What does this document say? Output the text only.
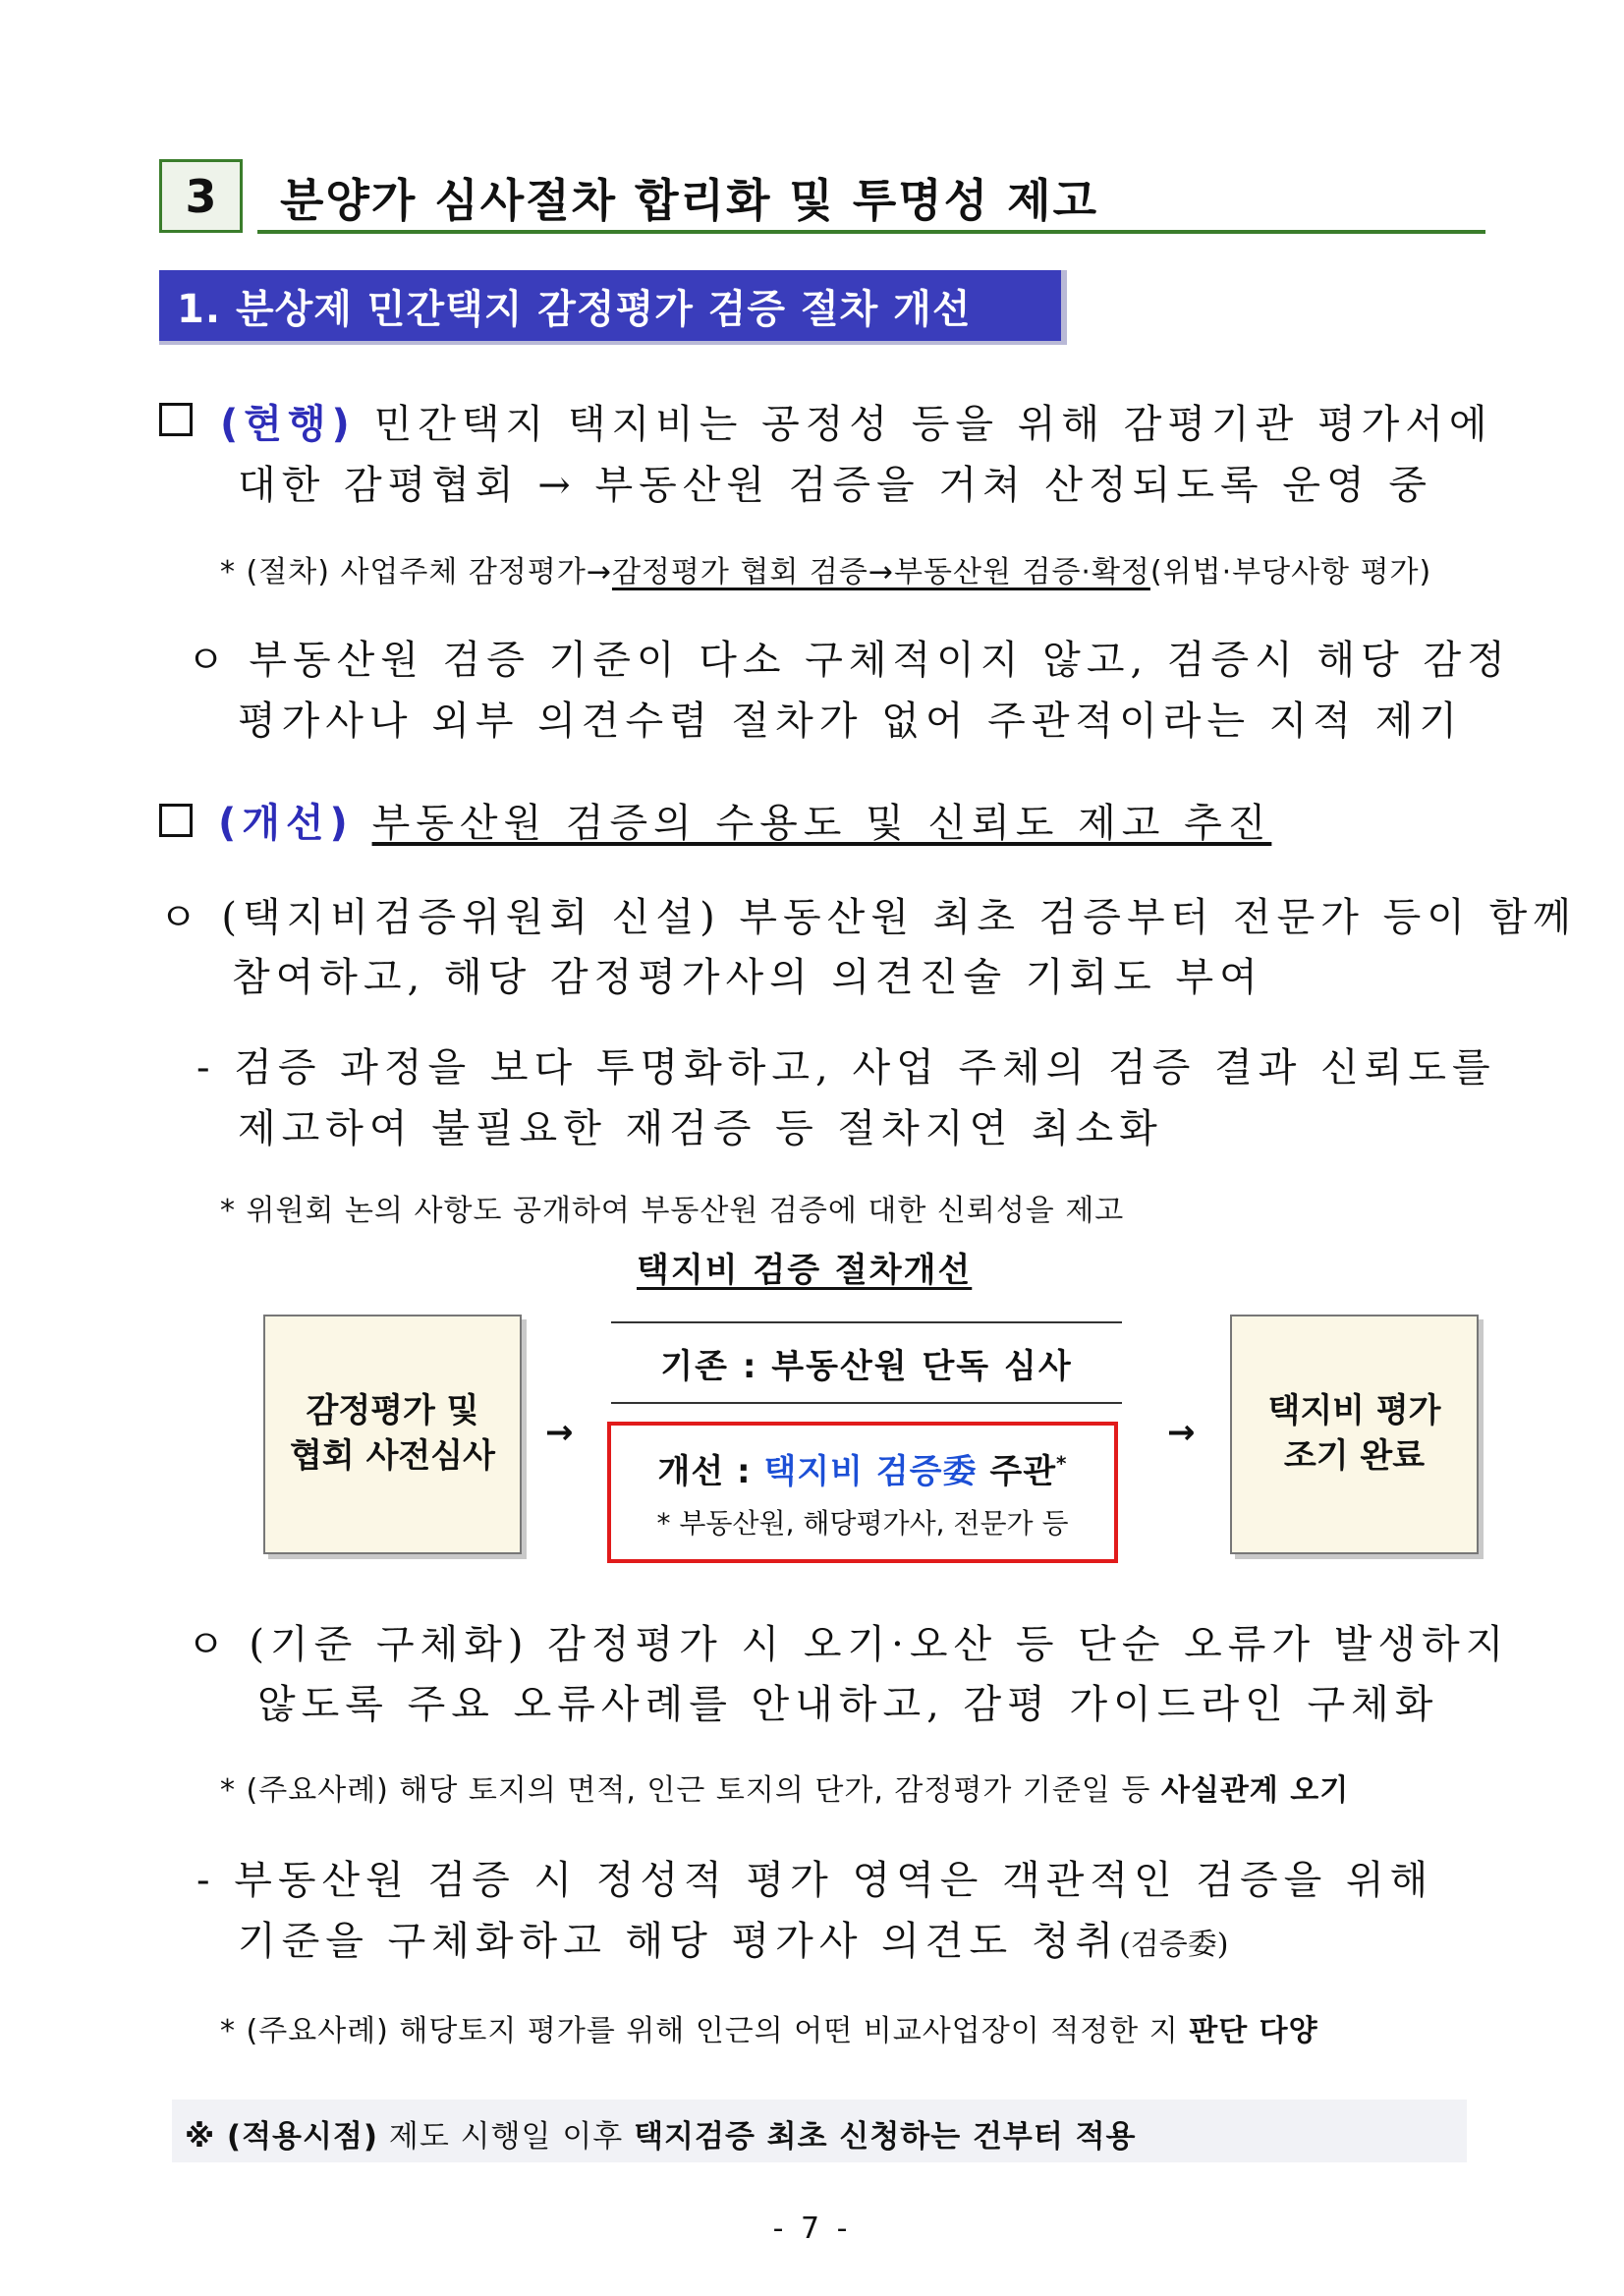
3 분양가 심사절차 합리화 및 투명성 제고
1. 분상제 민간택지 감정평가 검증 절차 개선
(현행) 민간택지 택지비는 공정성 등을 위해 감평기관 평가서에
대한 감평협회 → 부동산원 검증을 거쳐 산정되도록 운영 중
* (절차) 사업주체 감정평가→감정평가 협회 검증→부동산원 검증·확정(위법·부당사항 평가)
ㅇ 부동산원 검증 기준이 다소 구체적이지 않고, 검증시 해당 감정
평가사나 외부 의견수렴 절차가 없어 주관적이라는 지적 제기
(개선) 부동산원 검증의 수용도 및 신뢰도 제고 추진
ㅇ (택지비검증위원회 신설) 부동산원 최초 검증부터 전문가 등이 함께
참여하고, 해당 감정평가사의 의견진술 기회도 부여
- 검증 과정을 보다 투명화하고, 사업 주체의 검증 결과 신뢰도를
제고하여 불필요한 재검증 등 절차지연 최소화
* 위원회 논의 사항도 공개하여 부동산원 검증에 대한 신뢰성을 제고
택지비 검증 절차개선
감정평가 및
협회 사전심사
→
기존 : 부동산원 단독 심사
개선 : 택지비 검증委 주관*
* 부동산원, 해당평가사, 전문가 등
→
택지비 평가
조기 완료
ㅇ (기준 구체화) 감정평가 시 오기·오산 등 단순 오류가 발생하지
않도록 주요 오류사례를 안내하고, 감평 가이드라인 구체화
* (주요사례) 해당 토지의 면적, 인근 토지의 단가, 감정평가 기준일 등 사실관계 오기
- 부동산원 검증 시 정성적 평가 영역은 객관적인 검증을 위해
기준을 구체화하고 해당 평가사 의견도 청취(검증委)
* (주요사례) 해당토지 평가를 위해 인근의 어떤 비교사업장이 적정한 지 판단 다양
※ (적용시점) 제도 시행일 이후 택지검증 최초 신청하는 건부터 적용
- 7 -
